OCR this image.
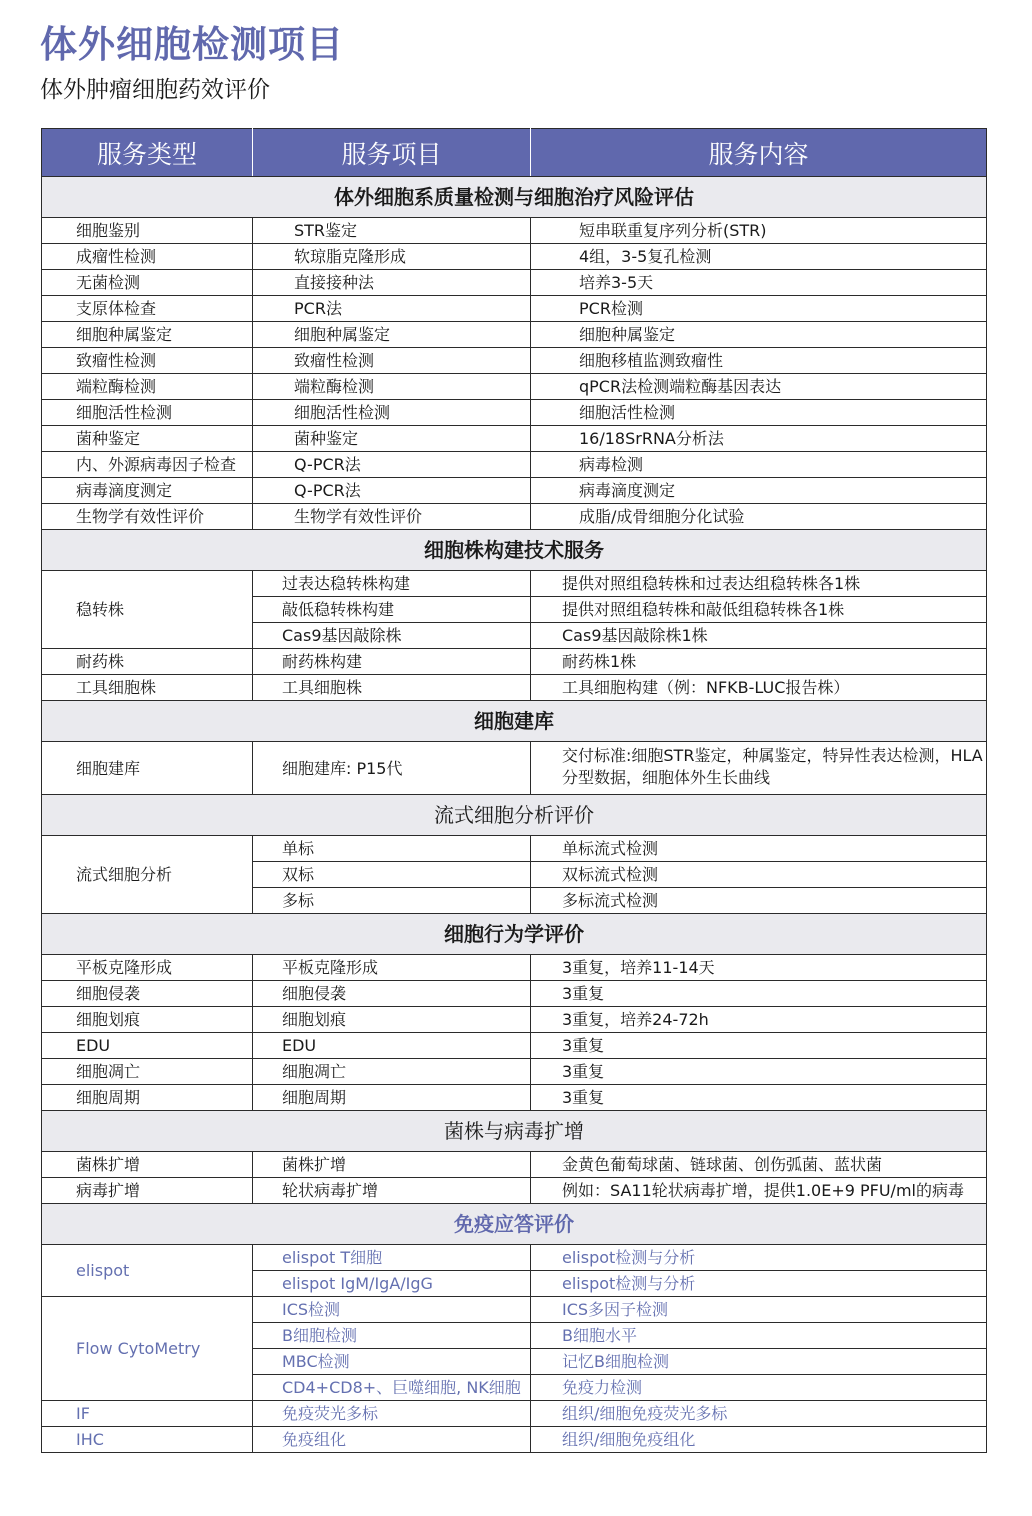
体外细胞检测项目
体外肿瘤细胞药效评价
服务类型	服务项目	服务内容
体外细胞系质量检测与细胞治疗风险评估		
细胞鉴别	STR鉴定	短串联重复序列分析(STR)
成瘤性检测	软琼脂克隆形成	4组，3-5复孔检测
无菌检测	直接接种法	培养3-5天
支原体检查	PCR法	PCR检测
细胞种属鉴定	细胞种属鉴定	细胞种属鉴定
致瘤性检测	致瘤性检测	细胞移植监测致瘤性
端粒酶检测	端粒酶检测	qPCR法检测端粒酶基因表达
细胞活性检测	细胞活性检测	细胞活性检测
菌种鉴定	菌种鉴定	16/18SrRNA分析法
内、外源病毒因子检查	Q-PCR法	病毒检测
病毒滴度测定	Q-PCR法	病毒滴度测定
生物学有效性评价	生物学有效性评价	成脂/成骨细胞分化试验
细胞株构建技术服务		
稳转株	过表达稳转株构建	提供对照组稳转株和过表达组稳转株各1株
	敲低稳转株构建	提供对照组稳转株和敲低组稳转株各1株
	Cas9基因敲除株	Cas9基因敲除株1株
耐药株	耐药株构建	耐药株1株
工具细胞株	工具细胞株	工具细胞构建（例：NFKB-LUC报告株）
细胞建库		
细胞建库	细胞建库: P15代	交付标准:细胞STR鉴定，种属鉴定，特异性表达检测，HLA分型数据，细胞体外生长曲线
流式细胞分析评价		
流式细胞分析	单标	单标流式检测
	双标	双标流式检测
	多标	多标流式检测
细胞行为学评价		
平板克隆形成	平板克隆形成	3重复，培养11-14天
细胞侵袭	细胞侵袭	3重复
细胞划痕	细胞划痕	3重复，培养24-72h
EDU	EDU	3重复
细胞凋亡	细胞凋亡	3重复
细胞周期	细胞周期	3重复
菌株与病毒扩增		
菌株扩增	菌株扩增	金黄色葡萄球菌、链球菌、创伤弧菌、蓝状菌
病毒扩增	轮状病毒扩增	例如：SA11轮状病毒扩增，提供1.0E+9 PFU/ml的病毒
免疫应答评价		
elispot	elispot T细胞	elispot检测与分析
	elispot IgM/IgA/IgG	elispot检测与分析
Flow CytoMetry	ICS检测	ICS多因子检测
	B细胞检测	B细胞水平
	MBC检测	记忆B细胞检测
	CD4+CD8+、巨噬细胞, NK细胞	免疫力检测
IF	免疫荧光多标	组织/细胞免疫荧光多标
IHC	免疫组化	组织/细胞免疫组化
